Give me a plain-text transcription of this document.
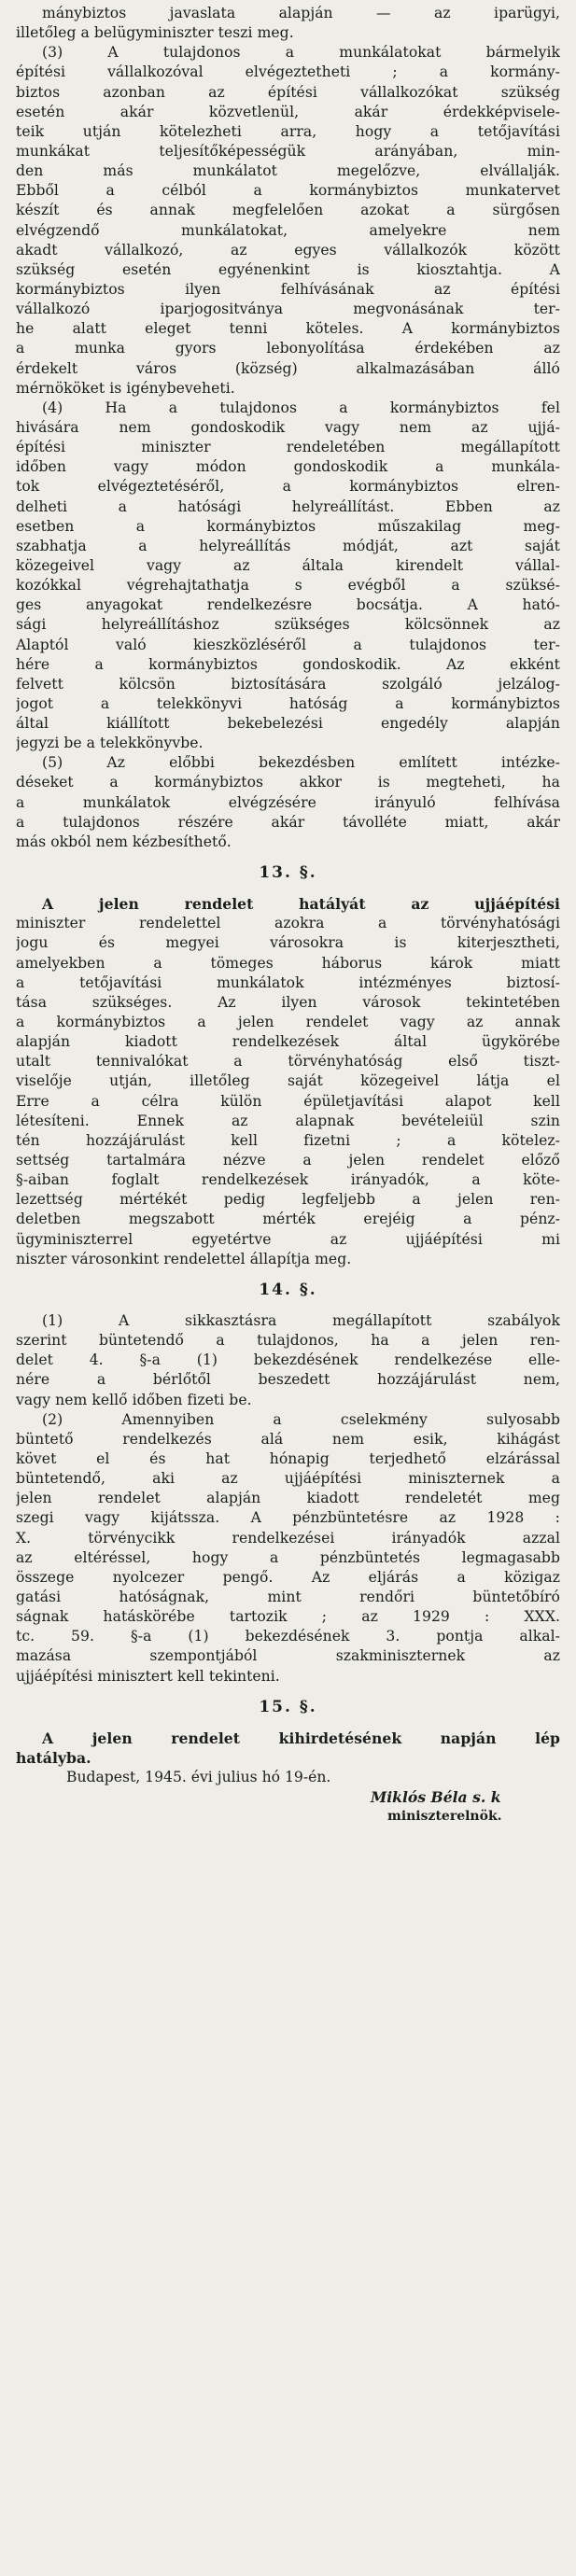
mánybiztos javaslata alapján — az iparügyi,
illetőleg a belügyminiszter teszi meg.
(3) A tulajdonos a munkálatokat bármelyik
építési vállalkozóval elvégeztetheti ; a kormány-
biztos azonban az építési vállalkozókat szükség
esetén akár közvetlenül, akár érdekképvisele-
teik utján kötelezheti arra, hogy a tetőjavítási
munkákat teljesítőképességük arányában, min-
den más munkálatot megelőzve, elvállalják.
Ebből a célból a kormánybiztos munkatervet
készít és annak megfelelően azokat a sürgősen
elvégzendő munkálatokat, amelyekre nem
akadt vállalkozó, az egyes vállalkozók között
szükség esetén egyénenkint is kiosztahtja. A
kormánybiztos ilyen felhívásának az építési
vállalkozó iparjogositványa megvonásának ter-
he alatt eleget tenni köteles. A kormánybiztos
a munka gyors lebonyolítása érdekében az
érdekelt város (község) alkalmazásában álló
mérnököket is igénybeveheti.
(4) Ha a tulajdonos a kormánybiztos fel
hivására nem gondoskodik vagy nem az ujjá-
építési miniszter rendeletében megállapított
időben vagy módon gondoskodik a munkála-
tok elvégeztetéséről, a kormánybiztos elren-
delheti a hatósági helyreállítást. Ebben az
esetben a kormánybiztos műszakilag meg-
szabhatja a helyreállítás módját, azt saját
közegeivel vagy az általa kirendelt vállal-
kozókkal végrehajtathatja s evégből a szüksé-
ges anyagokat rendelkezésre bocsátja. A ható-
sági helyreállításhoz szükséges kölcsönnek az
Alaptól való kieszközléséről a tulajdonos ter-
hére a kormánybiztos gondoskodik. Az ekként
felvett kölcsön biztosítására szolgáló jelzálog-
jogot a telekkönyvi hatóság a kormánybiztos
által kiállított bekebelezési engedély alapján
jegyzi be a telekkönyvbe.
(5) Az előbbi bekezdésben említett intézke-
déseket a kormánybiztos akkor is megteheti, ha
a munkálatok elvégzésére irányuló felhívása
a tulajdonos részére akár távolléte miatt, akár
más okból nem kézbesíthető.
13. §.
A jelen rendelet hatályát az ujjáépítési
miniszter rendelettel azokra a törvényhatósági
jogu és megyei városokra is kiterjesztheti,
amelyekben a tömeges háborus károk miatt
a tetőjavítási munkálatok intézményes biztosí-
tása szükséges. Az ilyen városok tekintetében
a kormánybiztos a jelen rendelet vagy az annak
alapján kiadott rendelkezések által ügykörébe
utalt tennivalókat a törvényhatóság első tiszt-
viselője utján, illetőleg saját közegeivel látja el
Erre a célra külön épületjavítási alapot kell
létesíteni. Ennek az alapnak bevételeiül szin
tén hozzájárulást kell fizetni ; a kötelez-
settség tartalmára nézve a jelen rendelet előző
§-aiban foglalt rendelkezések irányadók, a köte-
lezettség mértékét pedig legfeljebb a jelen ren-
deletben megszabott mérték erejéig a pénz-
ügyminiszterrel egyetértve az ujjáépítési mi
niszter városonkint rendelettel állapítja meg.
14. §.
(1) A sikkasztásra megállapított szabályok
szerint büntetendő a tulajdonos, ha a jelen ren-
delet 4. §-a (1) bekezdésének rendelkezése elle-
nére a bérlőtől beszedett hozzájárulást nem,
vagy nem kellő időben fizeti be.
(2) Amennyiben a cselekmény sulyosabb
büntető rendelkezés alá nem esik, kihágást
követ el és hat hónapig terjedhető elzárással
büntetendő, aki az ujjáépítési miniszternek a
jelen rendelet alapján kiadott rendeletét meg
szegi vagy kijátssza. A pénzbüntetésre az 1928 :
X. törvénycikk rendelkezései irányadók azzal
az eltéréssel, hogy a pénzbüntetés legmagasabb
összege nyolcezer pengő. Az eljárás a közigaz
gatási hatóságnak, mint rendőri büntetőbíró
ságnak hatáskörébe tartozik ; az 1929 : XXX.
tc. 59. §-a (1) bekezdésének 3. pontja alkal-
mazása szempontjából szakminiszternek az
ujjáépítési minisztert kell tekinteni.
15. §.
A jelen rendelet kihirdetésének napján lép
hatályba.
Budapest, 1945. évi julius hó 19-én.
Miklós Béla s. k
miniszterelnök.
